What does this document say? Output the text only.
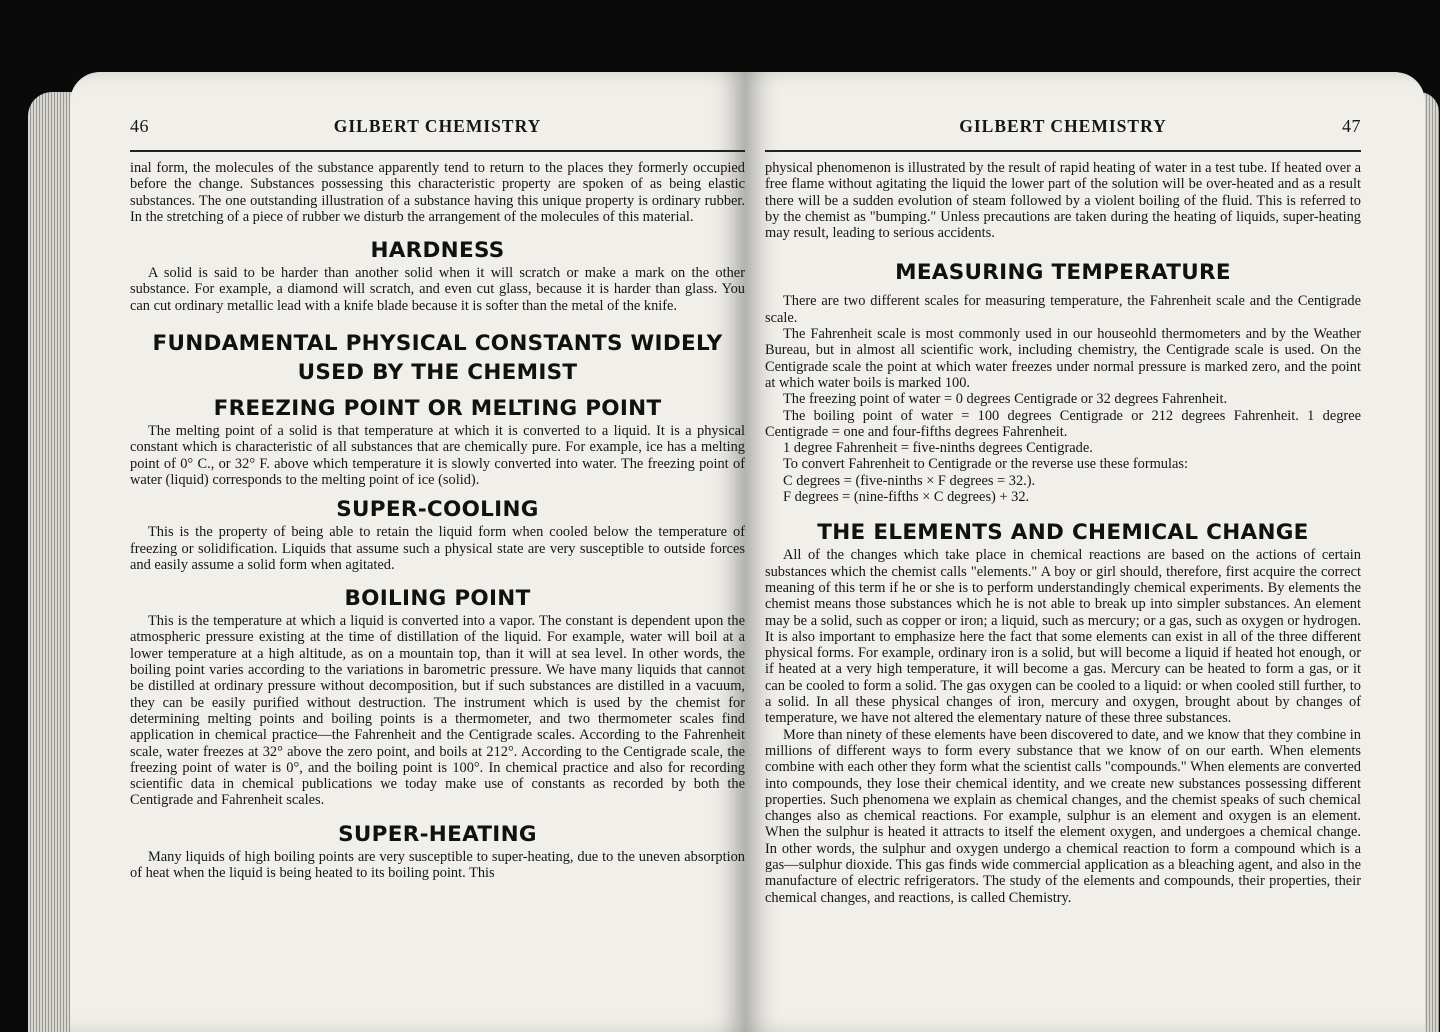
46	GILBERT CHEMISTRY

inal form, the molecules of the substance apparently tend to return to the places they formerly occupied before the change. Substances possessing this characteristic property are spoken of as being elastic substances. The one outstanding illustration of a substance having this unique property is ordinary rubber. In the stretching of a piece of rubber we disturb the arrangement of the molecules of this material.

HARDNESS

A solid is said to be harder than another solid when it will scratch or make a mark on the other substance. For example, a diamond will scratch, and even cut glass, because it is harder than glass. You can cut ordinary metallic lead with a knife blade because it is softer than the metal of the knife.

FUNDAMENTAL PHYSICAL CONSTANTS WIDELY
USED BY THE CHEMIST
FREEZING POINT OR MELTING POINT

The melting point of a solid is that temperature at which it is converted to a liquid. It is a physical constant which is characteristic of all substances that are chemically pure. For example, ice has a melting point of 0° C., or 32° F. above which temperature it is slowly converted into water. The freezing point of water (liquid) corresponds to the melting point of ice (solid).

SUPER-COOLING

This is the property of being able to retain the liquid form when cooled below the temperature of freezing or solidification. Liquids that assume such a physical state are very susceptible to outside forces and easily assume a solid form when agitated.

BOILING POINT

This is the temperature at which a liquid is converted into a vapor. The constant is dependent upon the atmospheric pressure existing at the time of distillation of the liquid. For example, water will boil at a lower temperature at a high altitude, as on a mountain top, than it will at sea level. In other words, the boiling point varies according to the variations in barometric pressure. We have many liquids that cannot be distilled at ordinary pressure without decomposition, but if such substances are distilled in a vacuum, they can be easily purified without destruction. The instrument which is used by the chemist for determining melting points and boiling points is a thermometer, and two thermometer scales find application in chemical practice—the Fahrenheit and the Centigrade scales. According to the Fahrenheit scale, water freezes at 32° above the zero point, and boils at 212°. According to the Centigrade scale, the freezing point of water is 0°, and the boiling point is 100°. In chemical practice and also for recording scientific data in chemical publications we today make use of constants as recorded by both the Centigrade and Fahrenheit scales.

SUPER-HEATING

Many liquids of high boiling points are very susceptible to super-heating, due to the uneven absorption of heat when the liquid is being heated to its boiling point. This

GILBERT CHEMISTRY	47

physical phenomenon is illustrated by the result of rapid heating of water in a test tube. If heated over a free flame without agitating the liquid the lower part of the solution will be over-heated and as a result there will be a sudden evolution of steam followed by a violent boiling of the fluid. This is referred to by the chemist as "bumping." Unless precautions are taken during the heating of liquids, super-heating may result, leading to serious accidents.

MEASURING TEMPERATURE

There are two different scales for measuring temperature, the Fahrenheit scale and the Centigrade scale.

The Fahrenheit scale is most commonly used in our houseohld thermometers and by the Weather Bureau, but in almost all scientific work, including chemistry, the Centigrade scale is used. On the Centigrade scale the point at which water freezes under normal pressure is marked zero, and the point at which water boils is marked 100.

The freezing point of water = 0 degrees Centigrade or 32 degrees Fahrenheit.

The boiling point of water = 100 degrees Centigrade or 212 degrees Fahrenheit. 1 degree Centigrade = one and four-fifths degrees Fahrenheit.

1 degree Fahrenheit = five-ninths degrees Centigrade.

To convert Fahrenheit to Centigrade or the reverse use these formulas:

C degrees = (five-ninths × F degrees = 32.).

F degrees = (nine-fifths × C degrees) + 32.

THE ELEMENTS AND CHEMICAL CHANGE

All of the changes which take place in chemical reactions are based on the actions of certain substances which the chemist calls "elements." A boy or girl should, therefore, first acquire the correct meaning of this term if he or she is to perform understandingly chemical experiments. By elements the chemist means those substances which he is not able to break up into simpler substances. An element may be a solid, such as copper or iron; a liquid, such as mercury; or a gas, such as oxygen or hydrogen. It is also important to emphasize here the fact that some elements can exist in all of the three different physical forms. For example, ordinary iron is a solid, but will become a liquid if heated hot enough, or if heated at a very high temperature, it will become a gas. Mercury can be heated to form a gas, or it can be cooled to form a solid. The gas oxygen can be cooled to a liquid: or when cooled still further, to a solid. In all these physical changes of iron, mercury and oxygen, brought about by changes of temperature, we have not altered the elementary nature of these three substances.

More than ninety of these elements have been discovered to date, and we know that they combine in millions of different ways to form every substance that we know of on our earth. When elements combine with each other they form what the scientist calls "compounds." When elements are converted into compounds, they lose their chemical identity, and we create new substances possessing different properties. Such phenomena we explain as chemical changes, and the chemist speaks of such chemical changes also as chemical reactions. For example, sulphur is an element and oxygen is an element. When the sulphur is heated it attracts to itself the element oxygen, and undergoes a chemical change. In other words, the sulphur and oxygen undergo a chemical reaction to form a compound which is a gas—sulphur dioxide. This gas finds wide commercial application as a bleaching agent, and also in the manufacture of electric refrigerators. The study of the elements and compounds, their properties, their chemical changes, and reactions, is called Chemistry.
